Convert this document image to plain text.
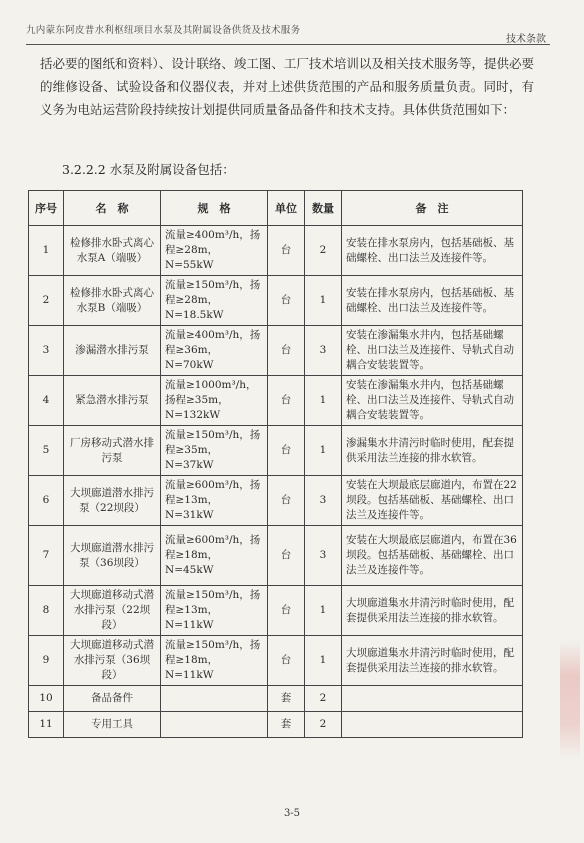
九内蒙东阿皮普水利枢纽项目水泵及其附属设备供货及技术服务
技术条款

括必要的图纸和资料）、设计联络、竣工图、工厂技术培训以及相关技术服务等，提供必要的维修设备、试验设备和仪器仪表，并对上述供货范围的产品和服务质量负责。同时，有义务为电站运营阶段持续按计划提供同质量备品备件和技术支持。具体供货范围如下：

3.2.2.2 水泵及附属设备包括：
序号	名　称	规　格	单位	数量	备　注
1	检修排水卧式离心水泵A（端吸）	流量≥400m³/h，扬程≥28m，N=55kW	台	2	安装在排水泵房内，包括基础板、基础螺栓、出口法兰及连接件等。
2	检修排水卧式离心水泵B（端吸）	流量≥150m³/h，扬程≥28m，N=18.5kW	台	1	安装在排水泵房内，包括基础板、基础螺栓、出口法兰及连接件等。
3	渗漏潜水排污泵	流量≥400m³/h，扬程≥36m，N=70kW	台	3	安装在渗漏集水井内，包括基础螺栓、出口法兰及连接件、导轨式自动耦合安装装置等。
4	紧急潜水排污泵	流量≥1000m³/h，扬程≥35m，N=132kW	台	1	安装在渗漏集水井内，包括基础螺栓、出口法兰及连接件、导轨式自动耦合安装装置等。
5	厂房移动式潜水排污泵	流量≥150m³/h，扬程≥35m，N=37kW	台	1	渗漏集水井清污时临时使用，配套提供采用法兰连接的排水软管。
6	大坝廊道潜水排污泵（22坝段）	流量≥600m³/h，扬程≥13m，N=31kW	台	3	安装在大坝最底层廊道内，布置在22坝段。包括基础板、基础螺栓、出口法兰及连接件等。
7	大坝廊道潜水排污泵（36坝段）	流量≥600m³/h，扬程≥18m，N=45kW	台	3	安装在大坝最底层廊道内，布置在36坝段。包括基础板、基础螺栓、出口法兰及连接件等。
8	大坝廊道移动式潜水排污泵（22坝段）	流量≥150m³/h，扬程≥13m，N=11kW	台	1	大坝廊道集水井清污时临时使用，配套提供采用法兰连接的排水软管。
9	大坝廊道移动式潜水排污泵（36坝段）	流量≥150m³/h，扬程≥18m，N=11kW	台	1	大坝廊道集水井清污时临时使用，配套提供采用法兰连接的排水软管。
10	备品备件		套	2	
11	专用工具		套	2	
3-5
